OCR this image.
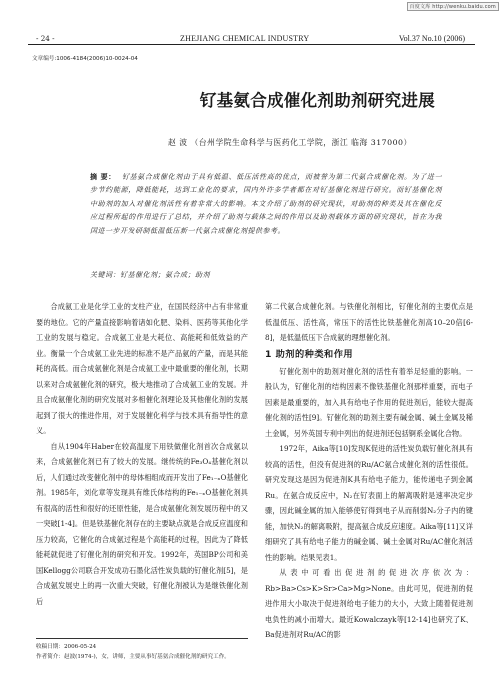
百度文库 http://wenku.baidu.com
- 24 -	ZHEJIANG CHEMICAL INDUSTRY	Vol.37 No.10 (2006)
文章编号:1006-4184(2006)10-0024-04
钌基氨合成催化剂助剂研究进展
赵 波 （台州学院生命科学与医药化工学院，浙江 临海 317000）
摘 要： 钌基氨合成催化剂由于具有低温、低压活性高的优点，而被誉为第二代氨合成催化剂。为了进一步节约能源，降低能耗，达到工业化的要求，国内外许多学者都在对钌基催化剂进行研究。而钌基催化剂中助剂的加入对催化剂活性有着非常大的影响。本文介绍了助剂的研究现状，对助剂的种类及其在催化反应过程所起的作用进行了总结，并介绍了助剂与载体之间的作用以及助剂载体方面的研究现状，旨在为我国进一步开发研制低温低压新一代氨合成催化剂提供参考。
关键词：钌基催化剂；氨合成；助剂

合成氨工业是化学工业的支柱产业，在国民经济中占有非常重要的地位。它的产量直接影响着诸如化肥、染料、医药等其他化学工业的发展与稳定。合成氨工业是大耗位、高能耗和低效益的产业。衡量一个合成氨工业先进的标准不是产品氨的产量，而是其能耗的高低。而合成氨催化剂是合成氨工业中最重要的催化剂，长期以来对合成氨催化剂的研究，极大地推动了合成氨工业的发展。并且合成氨催化剂的研究发展对多相催化剂理论及其他催化剂的发展起到了很大的推进作用，对于发展催化科学与技术具有指导性的意义。

自从1904年Haber在较高温度下用铁做催化剂首次合成氨以来，合成氨催化剂已有了较大的发展。继传统的Fe₃O₄基催化剂以后，人们通过改变催化剂中的母体相组成而开发出了Fe₁₋ₓO基催化剂。1985年，刘化章等发现具有维氏体结构的Fe₁₋ₓO基催化剂具有很高的活性和很好的还原性能，是合成氨催化剂发展历程中的又一突破[1-4]。但是铁基催化剂存在的主要缺点就是合成反应温度和压力较高，它催化的合成氨过程是个高能耗的过程，因此为了降低能耗就促进了钌催化剂的研究和开发。1992年，英国BP公司和美国Kellogg公司联合开发成功石墨化活性炭负载的钌催化剂[5]，是合成氨发展史上的再一次重大突破，钌催化剂被认为是继铁催化剂后

第二代氨合成催化剂。与铁催化剂相比，钌催化剂的主要优点是低温低压、活性高，常压下的活性比铁基催化剂高10–20倍[6-8]，是低温低压下合成氨的理想催化剂。

1 助剂的种类和作用

钌催化剂中的助剂对催化剂的活性有着举足轻重的影响。一般认为，钌催化剂的结构因素不像铁基催化剂那样重要，而电子因素是最重要的，加入具有给电子作用的促进剂后，能较大提高催化剂的活性[9]。钌催化剂的助剂主要有碱金属、碱土金属及稀土金属，另外英国专利中列出的促进剂还包括锕系金属化合物。

1972年，Aika等[10]发现K促进的活性炭负载钌催化剂具有较高的活性，但没有促进剂的Ru/AC氨合成催化剂的活性很低。研究发现这是因为促进剂K具有给电子能力，能传递电子到金属Ru。在氨合成反应中，N₂在钌表面上的解离吸附是速率决定步骤，因此碱金属的加入能够使钌得到电子从而削弱N₂分子内的键能，加快N₂的解离吸附，提高氨合成反应速度。Aika等[11]又详细研究了具有给电子能力的碱金属、碱土金属对Ru/AC催化剂活性的影响。结果见表1。

从表中可看出促进剂的促进次序依次为：Rb>Ba>Cs>K>Sr>Ca>Mg>None。由此可见，促进剂的促进作用大小取决于促进剂给电子能力的大小，大致上随着促进剂电负性的减小而增大。最近Kowalczayk等[12-14]也研究了K、Ba促进剂对Ru/AC的影

收稿日期：2006-05-24
作者简介：赵波(1974-)，女，讲师，主要从事钌基氨合成催化剂的研究工作。
